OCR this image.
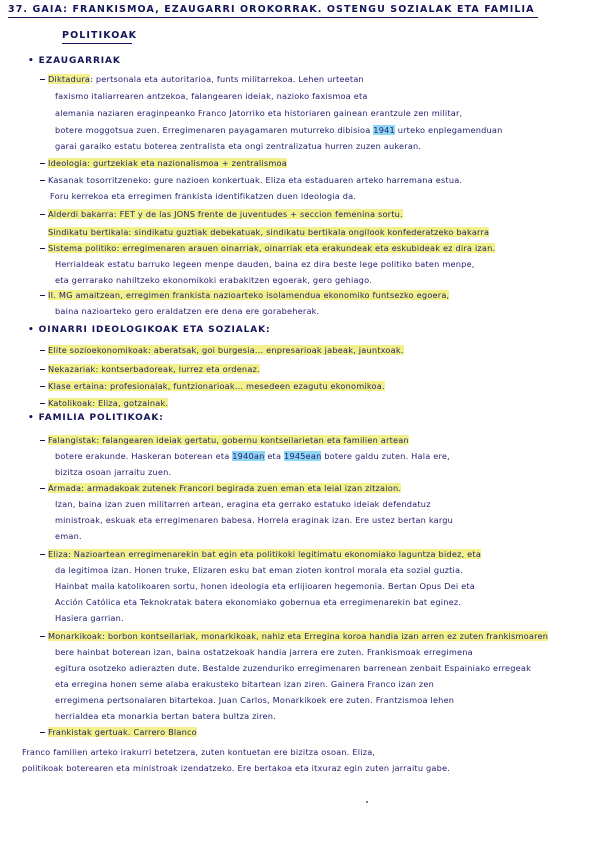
37. GAIA: FRANKISMOA, EZAUGARRI OROKORRAK. OSTENGU SOZIALAK ETA FAMILIA
POLITIKOAK
• EZAUGARRIAK
Diktadura: pertsonala eta autoritarioa, funts militarrekoa. Lehen urteetan
faxismo italiarrearen antzekoa, falangearen ideiak, nazioko faxismoa eta
alemania naziaren eraginpeanko Franco Jatorriko eta historiaren gainean erantzule zen militar,
botere moggotsua zuen. Erregimenaren payagamaren muturreko dibisioa 1941 urteko enplegamenduan
garai garaiko estatu boterea zentralista eta ongi zentralizatua hurren zuzen aukeran.
Ideologia: gurtzekiak eta nazionalismoa + zentralismoa
Kasanak tosorritzeneko: gure nazioen konkertuak. Eliza eta estaduaren arteko harremana estua.
Foru kerrekoa eta erregimen frankista identifikatzen duen ideologia da.
Alderdi bakarra: FET y de las JONS frente de juventudes + seccion femenina sortu.
Sindikatu bertikala: sindikatu guztiak debekatuak, sindikatu bertikala ongilook konfederatzeko bakarra
Sistema politiko: erregimenaren arauen oinarriak, oinarriak eta erakundeak eta eskubideak ez dira izan.
Herrialdeak estatu barruko legeen menpe dauden, baina ez dira beste lege politiko baten menpe,
eta gerrarako nahiltzeko ekonomikoki erabakitzen egoerak, gero gehiago.
II. MG amaitzean, erregimen frankista nazioarteko isolamendua ekonomiko funtsezko egoera,
baina nazioarteko gero eraldatzen ere dena ere gorabeherak.
• OINARRI IDEOLOGIKOAK ETA SOZIALAK:
Elite sozioekonomikoak: aberatsak, goi burgesia... enpresarioak jabeak, jauntxoak.
Nekazariak: kontserbadoreak, lurrez eta ordenaz.
Klase ertaina: profesionalak, funtzionarioak... mesedeen ezagutu ekonomikoa.
Katolikoak: Eliza, gotzainak.
• FAMILIA POLITIKOAK:
Falangistak: falangearen ideiak gertatu, gobernu kontseilarietan eta familien artean
botere erakunde. Haskeran boterean eta 1940an eta 1945ean botere galdu zuten. Hala ere,
bizitza osoan jarraitu zuen.
Armada: armadakoak zutenek Francori begirada zuen eman eta leial izan zitzaion.
Izan, baina izan zuen militarren artean, eragina eta gerrako estatuko ideiak defendatuz
ministroak, eskuak eta erregimenaren babesa. Horrela eraginak izan. Ere ustez bertan kargu
eman.
Eliza: Nazioartean erregimenarekin bat egin eta politikoki legitimatu ekonomiako laguntza bidez, eta
da legitimoa izan. Honen truke, Elizaren esku bat eman zioten kontrol morala eta sozial guztia.
Hainbat maila katolikoaren sortu, honen ideologia eta erlijioaren hegemonia. Bertan Opus Dei eta
Acción Católica eta Teknokratak batera ekonomiako gobernua eta erregimenarekin bat eginez.
Hasiera garrian.
Monarkikoak: borbon kontseilariak, monarkikoak, nahiz eta Erregina koroa handia izan arren ez zuten frankismoaren
bere hainbat boterean izan, baina ostatzekoak handia jarrera ere zuten. Frankismoak erregimena
egitura osotzeko adierazten dute. Bestalde zuzenduriko erregimenaren barrenean zenbait Espainiako erregeak
eta erregina honen seme alaba erakusteko bitartean izan ziren. Gainera Franco izan zen
erregimena pertsonalaren bitartekoa. Juan Carlos, Monarkikoek ere zuten. Frantzismoa lehen
herrialdea eta monarkia bertan batera bultza ziren.
Frankistak gertuak. Carrero Blanco
Franco familien arteko irakurri betetzera, zuten kontuetan ere bizitza osoan. Eliza,
politikoak boterearen eta ministroak izendatzeko. Ere bertakoa eta itxuraz egin zuten jarraitu gabe.
